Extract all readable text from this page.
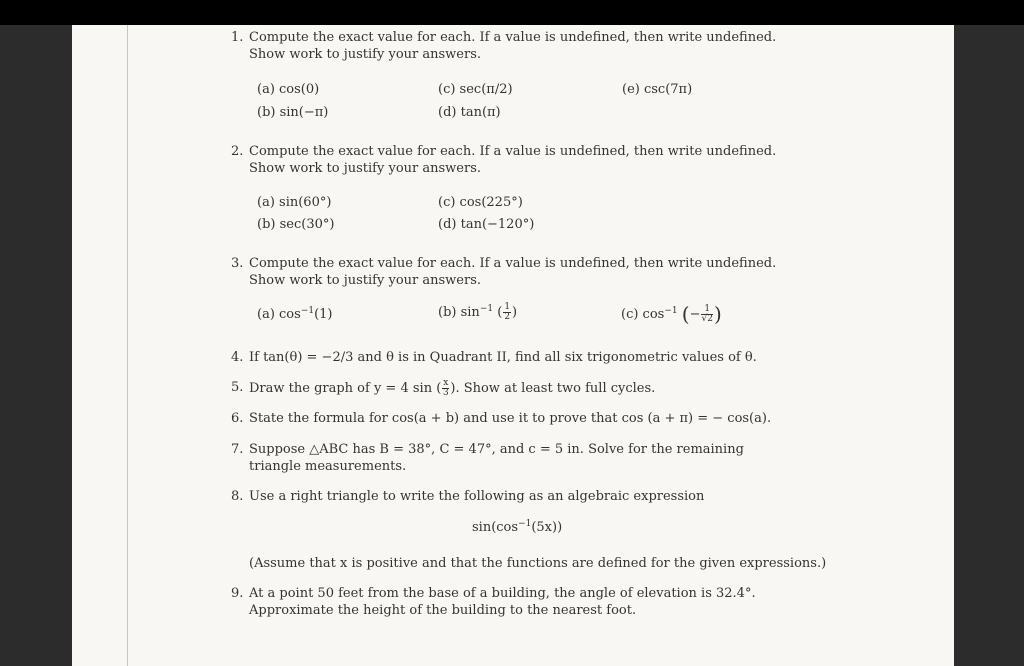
1. Compute the exact value for each. If a value is undefined, then write undefined. Show work to justify your answers.
(a) cos(0)
(b) sin(−π)
(c) sec(π/2)
(d) tan(π)
(e) csc(7π)
2. Compute the exact value for each. If a value is undefined, then write undefined. Show work to justify your answers.
(a) sin(60°)
(b) sec(30°)
(c) cos(225°)
(d) tan(−120°)
3. Compute the exact value for each. If a value is undefined, then write undefined. Show work to justify your answers.
(a) $\cos^{-1}(1)$	(b) $\sin^{-1}$ ( $\frac{1}{2}$ )	(c) $\cos^{-1}$ (− $\frac{1}{√2}$ )
4. If tan(θ) = −2/3 and θ is in Quadrant II, find all six trigonometric values of θ.
5. Draw the graph of y = 4 sin ( $\frac{x}{3}$ ). Show at least two full cycles.
6. State the formula for cos(a + b) and use it to prove that cos (a + π) = − cos(a).
7. Suppose △ABC has B = 38°, C = 47°, and c = 5 in. Solve for the remaining triangle measurements.
8. Use a right triangle to write the following as an algebraic expression
$\sin(\cos^{-1}(5x))$
(Assume that x is positive and that the functions are defined for the given expressions.)
9. At a point 50 feet from the base of a building, the angle of elevation is 32.4°. Approximate the height of the building to the nearest foot.
